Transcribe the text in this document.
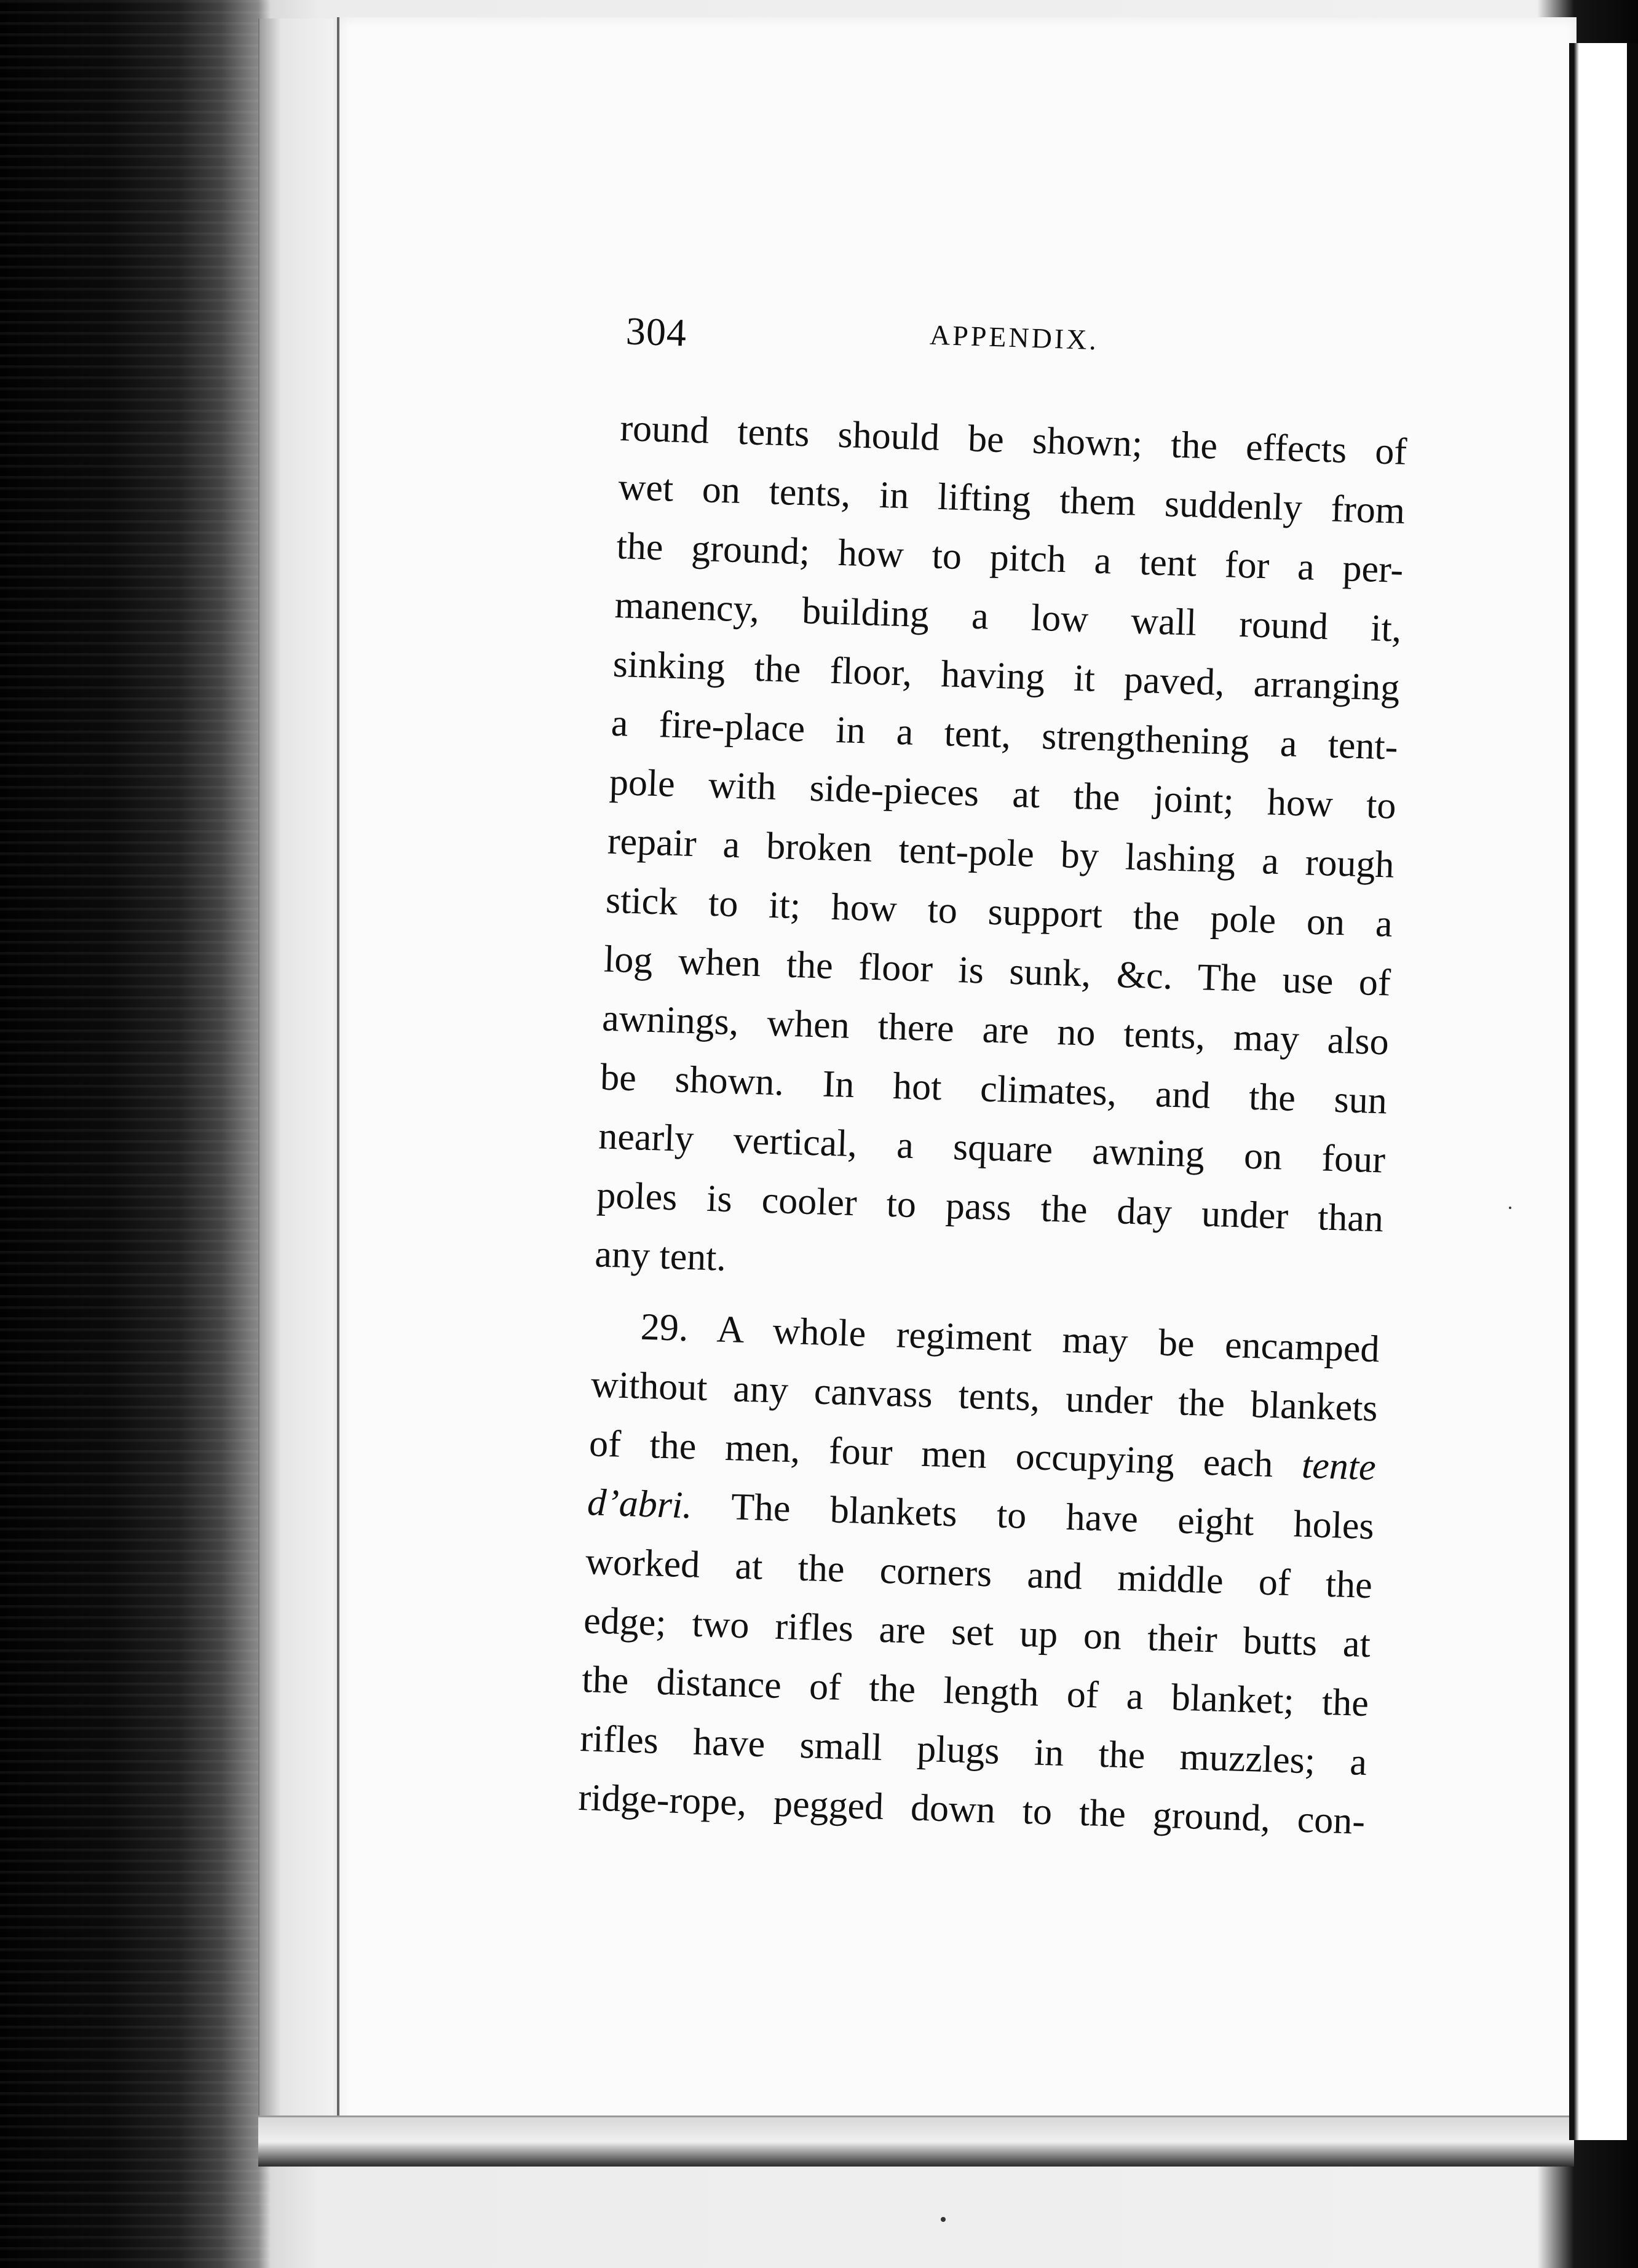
304	APPENDIX.
round tents should be shown; the effects of
wet on tents, in lifting them suddenly from
the ground; how to pitch a tent for a per-
manency, building a low wall round it,
sinking the floor, having it paved, arranging
a fire-place in a tent, strengthening a tent-
pole with side-pieces at the joint; how to
repair a broken tent-pole by lashing a rough
stick to it; how to support the pole on a
log when the floor is sunk, &c. The use of
awnings, when there are no tents, may also
be shown. In hot climates, and the sun
nearly vertical, a square awning on four
poles is cooler to pass the day under than
any tent.
29. A whole regiment may be encamped
without any canvass tents, under the blankets
of the men, four men occupying each tente
d’abri. The blankets to have eight holes
worked at the corners and middle of the
edge; two rifles are set up on their butts at
the distance of the length of a blanket; the
rifles have small plugs in the muzzles; a
ridge-rope, pegged down to the ground, con-
